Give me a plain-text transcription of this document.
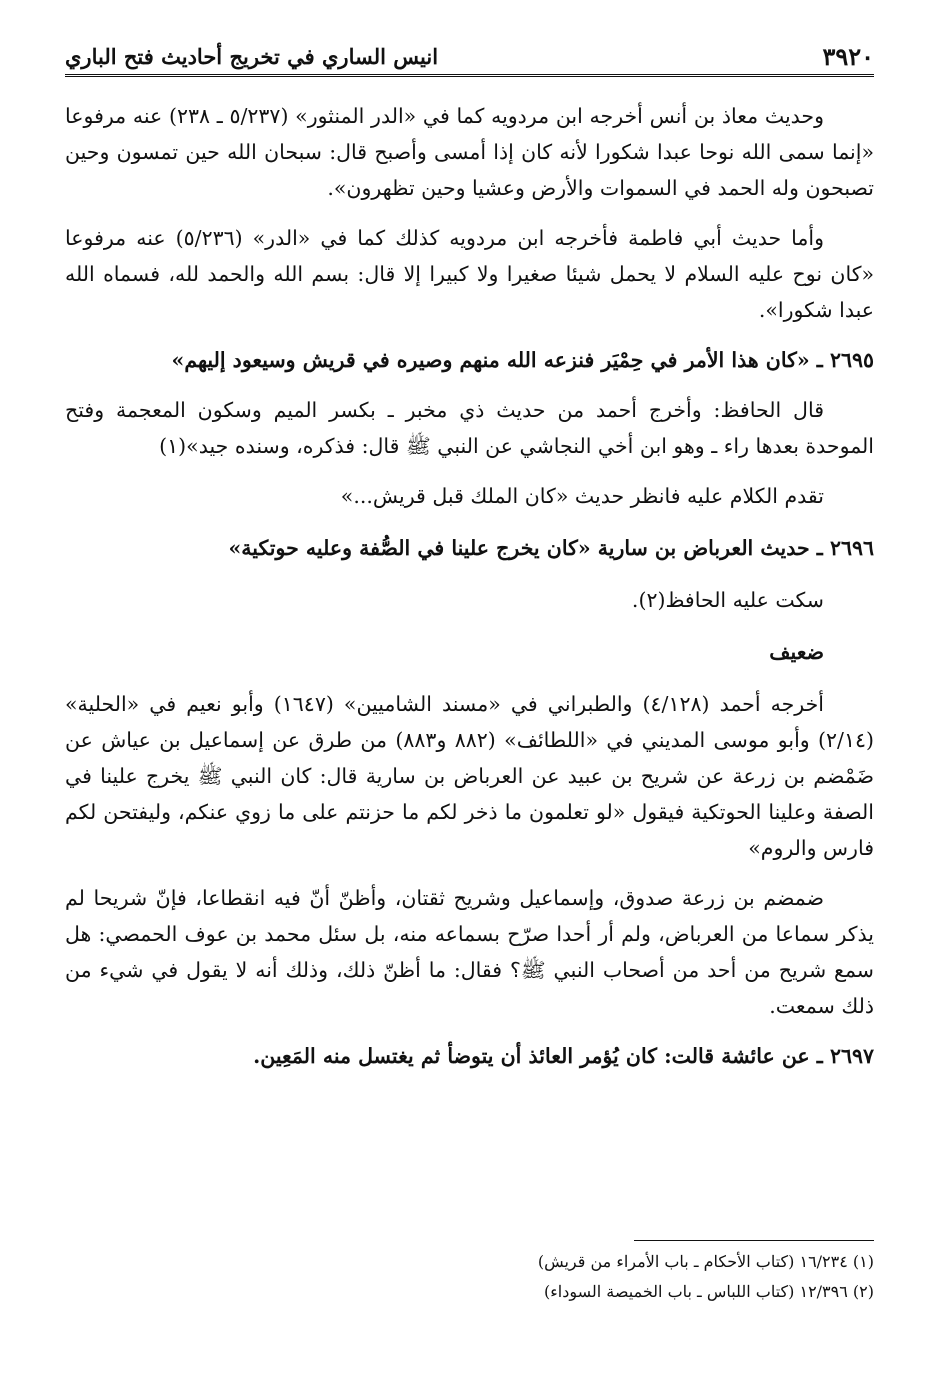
٣٩٢٠
انيس الساري في تخريج أحاديث فتح الباري

وحديث معاذ بن أنس أخرجه ابن مردويه كما في «الدر المنثور» (٥/٢٣٧ ـ ٢٣٨) عنه مرفوعا «إنما سمى الله نوحا عبدا شكورا لأنه كان إذا أمسى وأصبح قال: سبحان الله حين تمسون وحين تصبحون وله الحمد في السموات والأرض وعشيا وحين تظهرون».

وأما حديث أبي فاطمة فأخرجه ابن مردويه كذلك كما في «الدر» (٥/٢٣٦) عنه مرفوعا «كان نوح عليه السلام لا يحمل شيئا صغيرا ولا كبيرا إلا قال: بسم الله والحمد لله، فسماه الله عبدا شكورا».

٢٦٩٥ ـ «كان هذا الأمر في حِمْيَر فنزعه الله منهم وصيره في قريش وسيعود إليهم»

قال الحافظ: وأخرج أحمد من حديث ذي مخبر ـ بكسر الميم وسكون المعجمة وفتح الموحدة بعدها راء ـ وهو ابن أخي النجاشي عن النبي ﷺ قال: فذكره، وسنده جيد»(١)

تقدم الكلام عليه فانظر حديث «كان الملك قبل قريش...»

٢٦٩٦ ـ حديث العرباض بن سارية «كان يخرج علينا في الصُّفة وعليه حوتكية»

سكت عليه الحافظ(٢).

ضعيف

أخرجه أحمد (٤/١٢٨) والطبراني في «مسند الشاميين» (١٦٤٧) وأبو نعيم في «الحلية» (٢/١٤) وأبو موسى المديني في «اللطائف» (٨٨٢ و٨٨٣) من طرق عن إسماعيل بن عياش عن ضَمْضم بن زرعة عن شريح بن عبيد عن العرباض بن سارية قال: كان النبي ﷺ يخرج علينا في الصفة وعلينا الحوتكية فيقول «لو تعلمون ما ذخر لكم ما حزنتم على ما زوي عنكم، وليفتحن لكم فارس والروم»

ضمضم بن زرعة صدوق، وإسماعيل وشريح ثقتان، وأظنّ أنّ فيه انقطاعا، فإنّ شريحا لم يذكر سماعا من العرباض، ولم أر أحدا صرّح بسماعه منه، بل سئل محمد بن عوف الحمصي: هل سمع شريح من أحد من أصحاب النبي ﷺ؟ فقال: ما أظنّ ذلك، وذلك أنه لا يقول في شيء من ذلك سمعت.

٢٦٩٧ ـ عن عائشة قالت: كان يُؤمر العائذ أن يتوضأ ثم يغتسل منه المَعِين.

(١) ١٦/٢٣٤ (كتاب الأحكام ـ باب الأمراء من قريش)

(٢) ١٢/٣٩٦ (كتاب اللباس ـ باب الخميصة السوداء)
